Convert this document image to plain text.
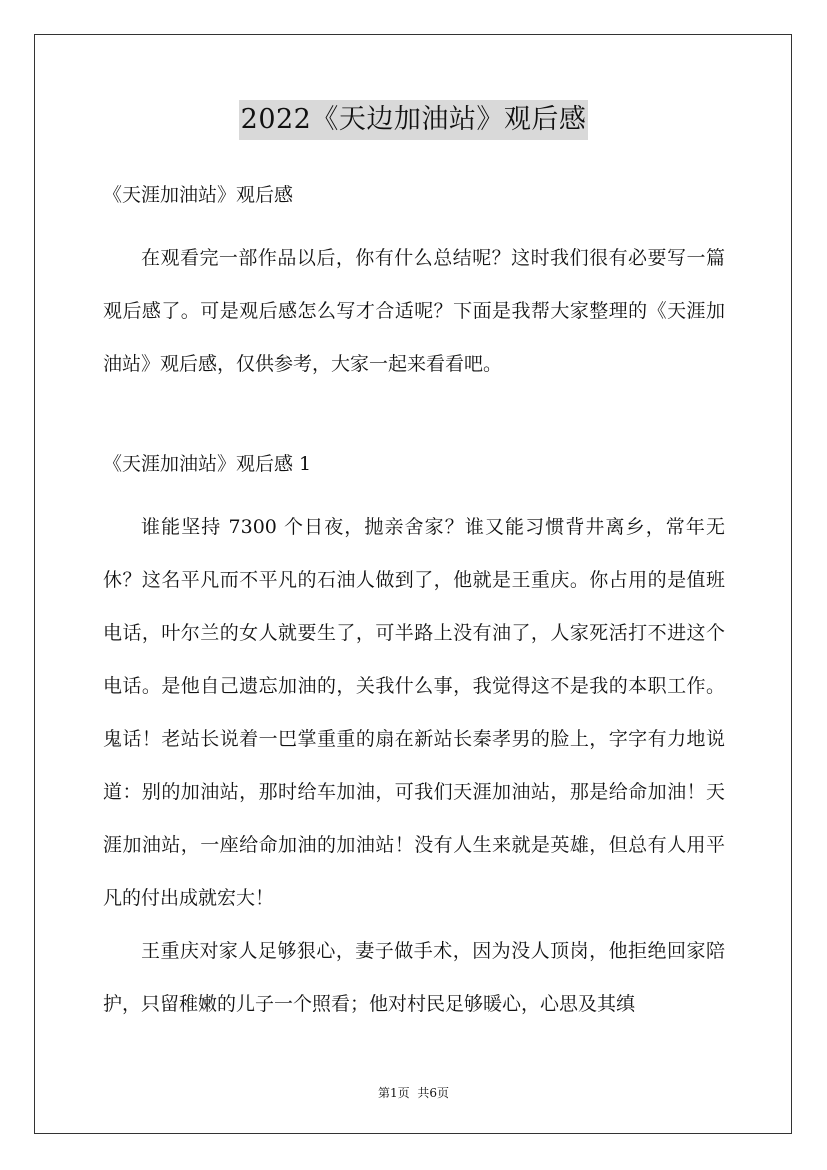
2022《天边加油站》观后感
《天涯加油站》观后感
在观看完一部作品以后，你有什么总结呢？这时我们很有必要写一篇观后感了。可是观后感怎么写才合适呢？下面是我帮大家整理的《天涯加油站》观后感，仅供参考，大家一起来看看吧。
《天涯加油站》观后感 1
谁能坚持 7300 个日夜，抛亲舍家？谁又能习惯背井离乡，常年无休？这名平凡而不平凡的石油人做到了，他就是王重庆。你占用的是值班电话，叶尔兰的女人就要生了，可半路上没有油了，人家死活打不进这个电话。是他自己遗忘加油的，关我什么事，我觉得这不是我的本职工作。鬼话！老站长说着一巴掌重重的扇在新站长秦孝男的脸上，字字有力地说道：别的加油站，那时给车加油，可我们天涯加油站，那是给命加油！天涯加油站，一座给命加油的加油站！没有人生来就是英雄，但总有人用平凡的付出成就宏大！
王重庆对家人足够狠心，妻子做手术，因为没人顶岗，他拒绝回家陪护，只留稚嫩的儿子一个照看；他对村民足够暖心，心思及其缜
第1页 共6页
